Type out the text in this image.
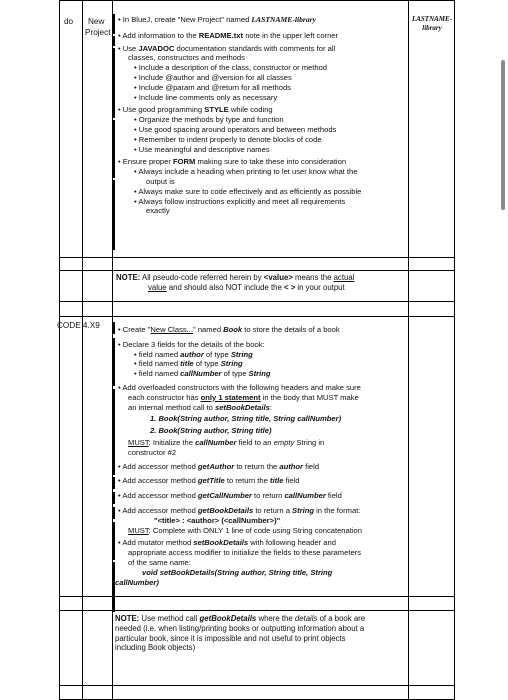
do	New
Project
LASTNAME-
library

• In BlueJ, create "New Project" named LASTNAME-library

• Add information to the README.txt note in the upper left corner

• Use JAVADOC documentation standards with comments for all

classes, constructors and methods

• Include a description of the class, constructor or method

• Include @author and @version for all classes

• Include @param and @return for all methods

• Include line comments only as necessary

• Use good programming STYLE while coding

• Organize the methods by type and function

• Use good spacing around operators and between methods

• Remember to indent properly to denote blocks of code

• Use meaningful and descriptive names

• Ensure proper FORM making sure to take these into consideration

• Always include a heading when printing to let user know what the

output is

• Always make sure to code effectively and as efficiently as possible

• Always follow instructions explicitly and meet all requirements

exactly

NOTE: All pseudo-code referred herein by <value> means the actual

value and should also NOT include the < > in your output

CODE 4.X9 • Create "New Class..." named Book to store the details of a book

• Declare 3 fields for the details of the book:

• field named author of type String

• field named title of type String

• field named callNumber of type String

• Add overloaded constructors with the following headers and make sure

each constructor has only 1 statement in the body that MUST make

an internal method call to setBookDetails:

1. Book(String author, String title, String callNumber)

2. Book(String author, String title)

MUST: Initialize the callNumber field to an empty String in

constructor #2

• Add accessor method getAuthor to return the author field

• Add accessor method getTitle to return the title field

• Add accessor method getCallNumber to return callNumber field

• Add accessor method getBookDetails to return a String in the format:

"<title> : <author> (<callNumber>)"

MUST: Complete with ONLY 1 line of code using String concatenation

• Add mutator method setBookDetails with following header and

appropriate access modifier to initialize the fields to these parameters

of the same name:

void setBookDetails(String author, String title, String

callNumber)

NOTE: Use method call getBookDetails where the details of a book are

needed (i.e. when listing/printing books or outputting information about a

particular book, since it is impossible and not useful to print objects

including Book objects)
